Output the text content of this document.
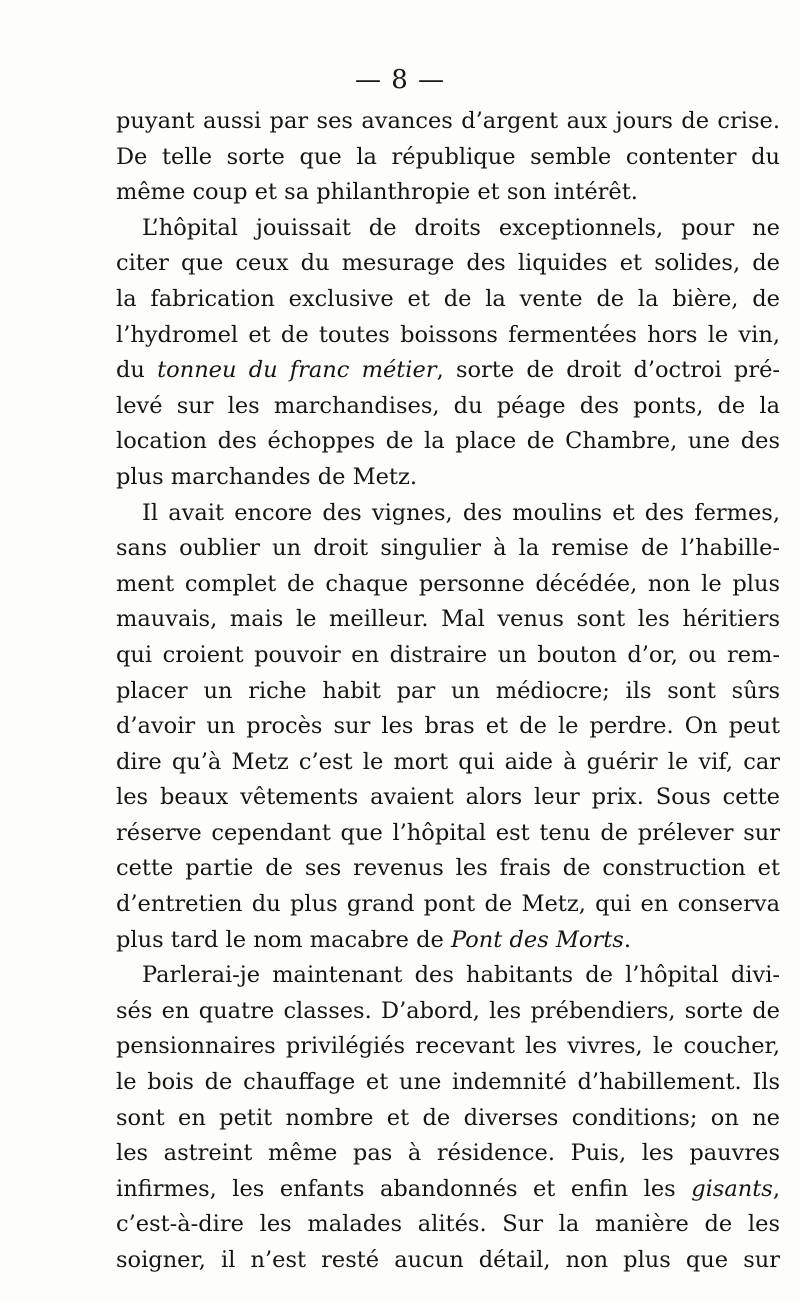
— 8 —
puyant aussi par ses avances d’argent aux jours de crise.
De telle sorte que la république semble contenter du
même coup et sa philanthropie et son intérêt.
L’hôpital jouissait de droits exceptionnels, pour ne
citer que ceux du mesurage des liquides et solides, de
la fabrication exclusive et de la vente de la bière, de
l’hydromel et de toutes boissons fermentées hors le vin,
du tonneu du franc métier, sorte de droit d’octroi pré-
levé sur les marchandises, du péage des ponts, de la
location des échoppes de la place de Chambre, une des
plus marchandes de Metz.
Il avait encore des vignes, des moulins et des fermes,
sans oublier un droit singulier à la remise de l’habille-
ment complet de chaque personne décédée, non le plus
mauvais, mais le meilleur. Mal venus sont les héritiers
qui croient pouvoir en distraire un bouton d’or, ou rem-
placer un riche habit par un médiocre; ils sont sûrs
d’avoir un procès sur les bras et de le perdre. On peut
dire qu’à Metz c’est le mort qui aide à guérir le vif, car
les beaux vêtements avaient alors leur prix. Sous cette
réserve cependant que l’hôpital est tenu de prélever sur
cette partie de ses revenus les frais de construction et
d’entretien du plus grand pont de Metz, qui en conserva
plus tard le nom macabre de Pont des Morts.
Parlerai-je maintenant des habitants de l’hôpital divi-
sés en quatre classes. D’abord, les prébendiers, sorte de
pensionnaires privilégiés recevant les vivres, le coucher,
le bois de chauffage et une indemnité d’habillement. Ils
sont en petit nombre et de diverses conditions; on ne
les astreint même pas à résidence. Puis, les pauvres
infirmes, les enfants abandonnés et enfin les gisants,
c’est-à-dire les malades alités. Sur la manière de les
soigner, il n’est resté aucun détail, non plus que sur
